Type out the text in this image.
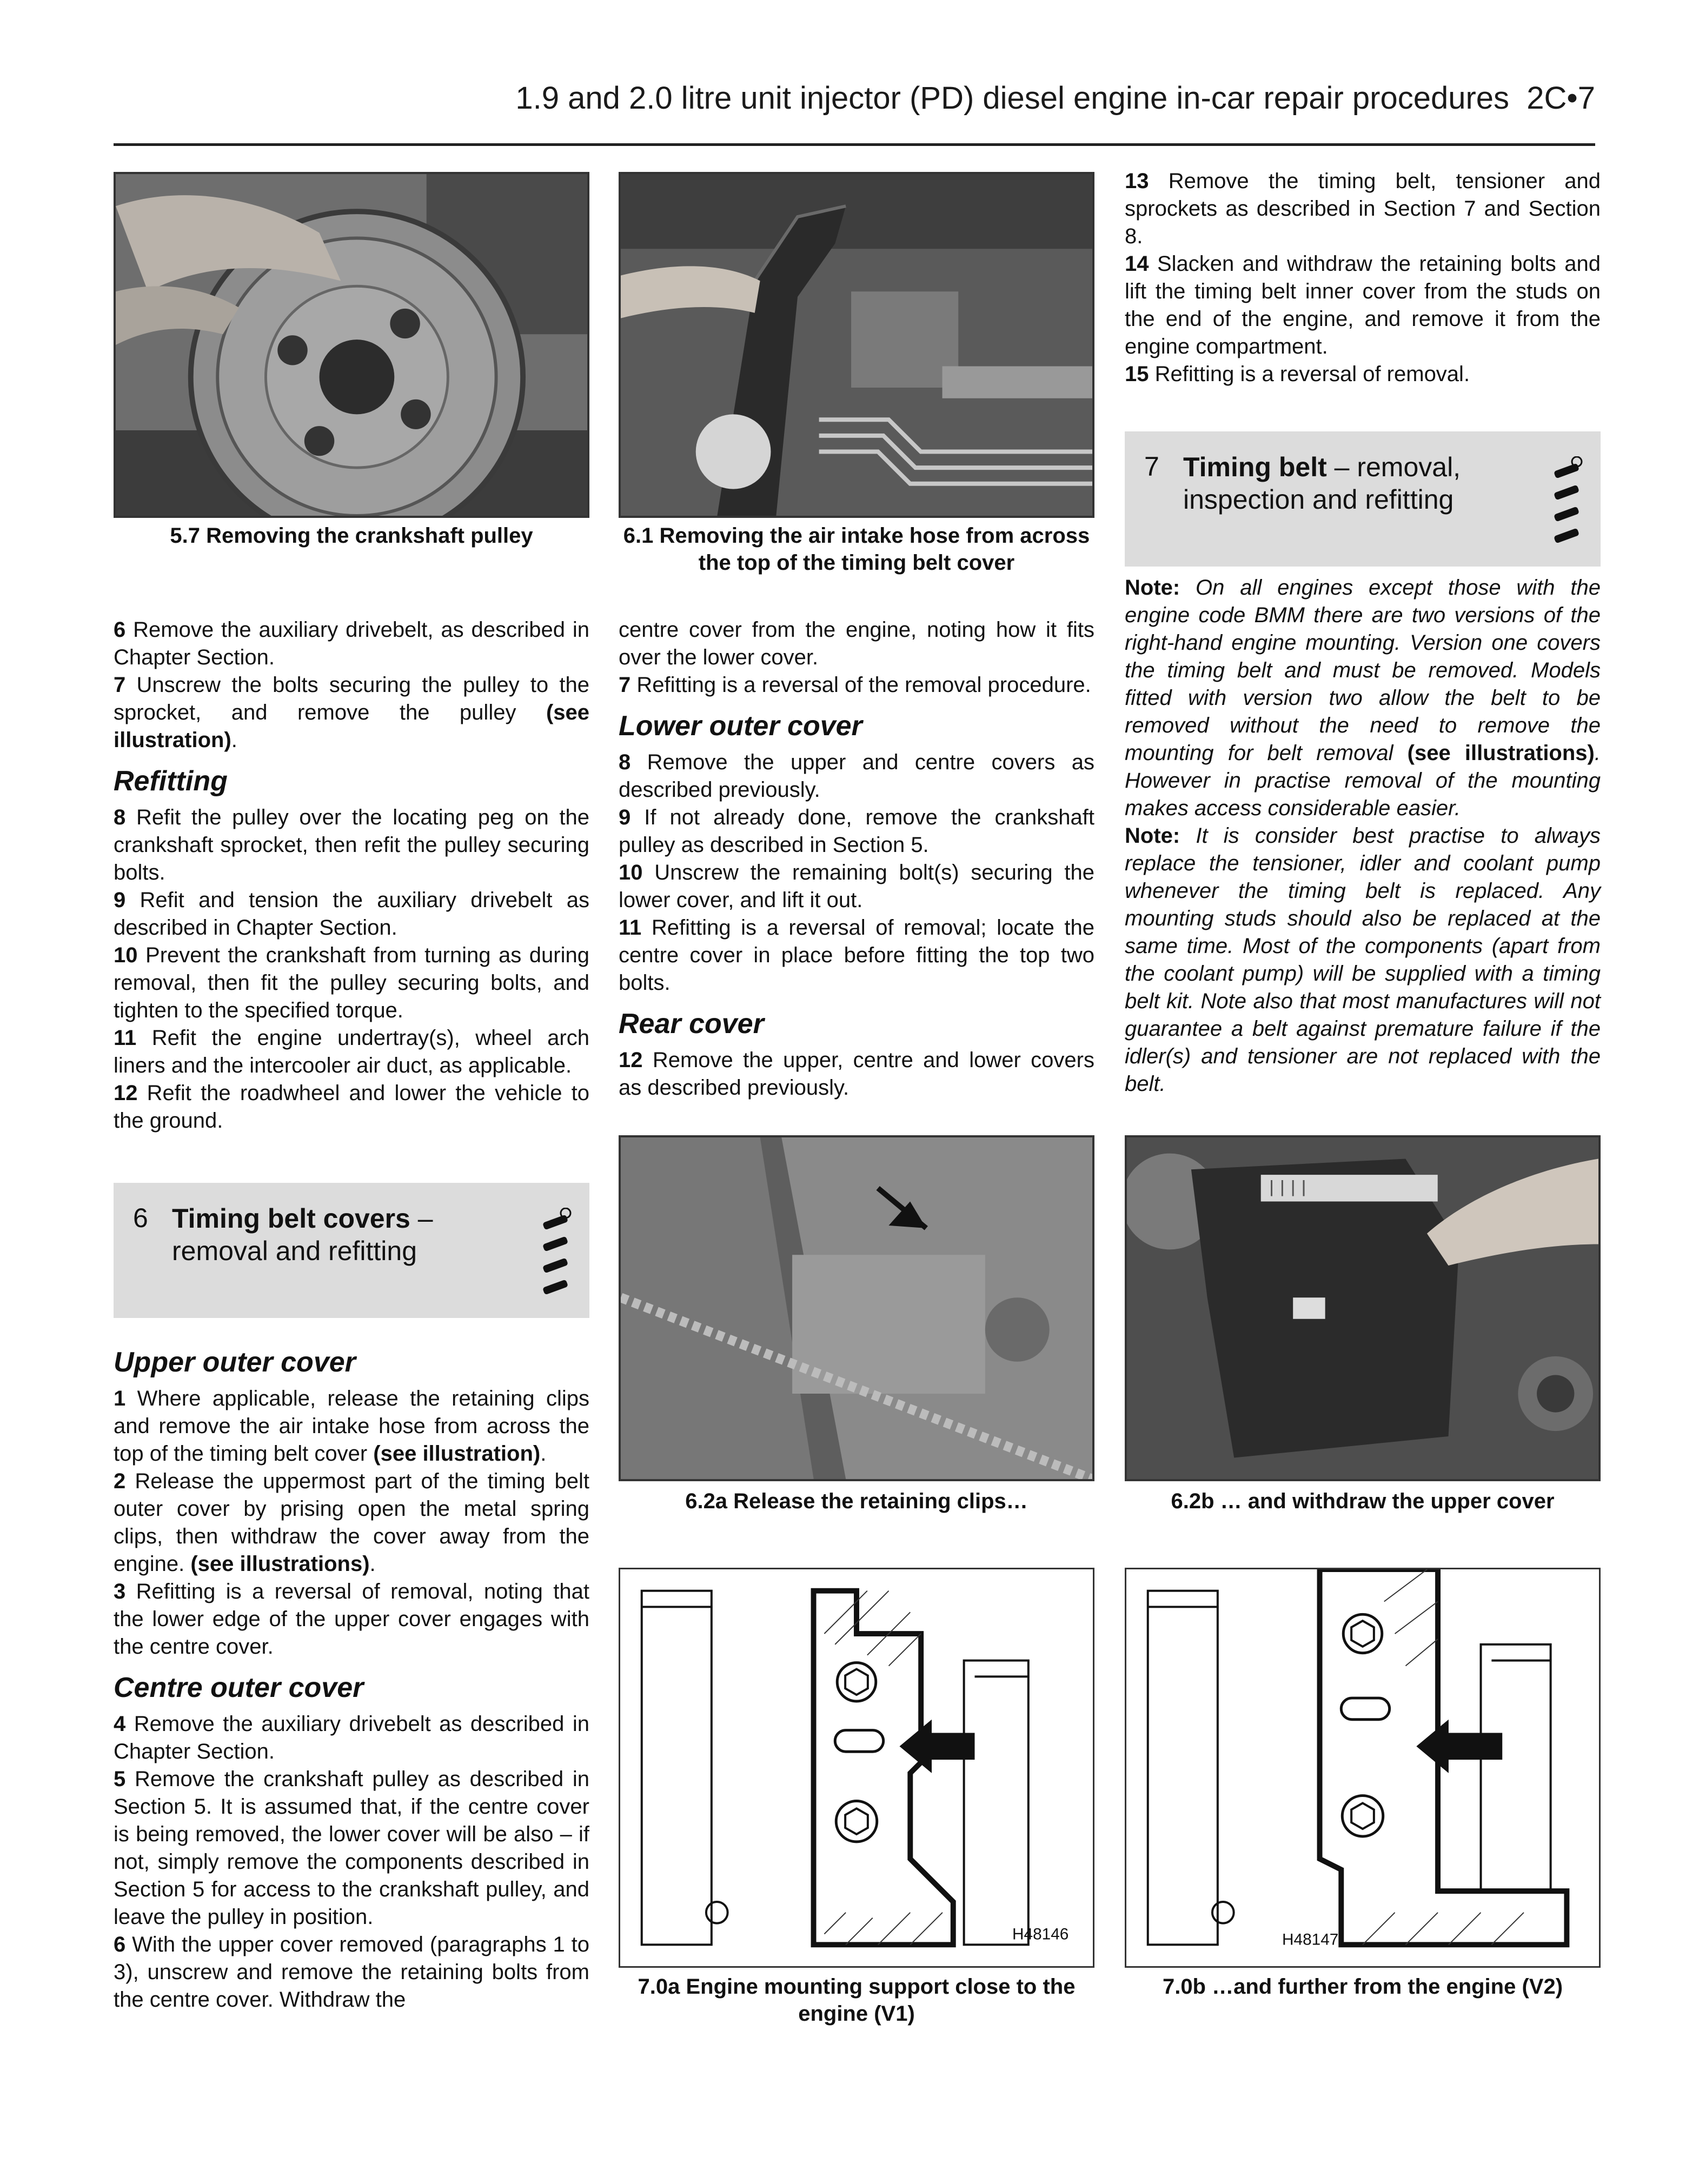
1.9 and 2.0 litre unit injector (PD) diesel engine in-car repair procedures 2C•7
5.7 Removing the crankshaft pulley

6 Remove the auxiliary drivebelt, as described in Chapter Section.

7 Unscrew the bolts securing the pulley to the sprocket, and remove the pulley (see illustration).

Refitting

8 Refit the pulley over the locating peg on the crankshaft sprocket, then refit the pulley securing bolts.

9 Refit and tension the auxiliary drivebelt as described in Chapter Section.

10 Prevent the crankshaft from turning as during removal, then fit the pulley securing bolts, and tighten to the specified torque.

11 Refit the engine undertray(s), wheel arch liners and the intercooler air duct, as applicable.

12 Refit the roadwheel and lower the vehicle to the ground.

6 Timing belt covers – removal and refitting
Upper outer cover

1 Where applicable, release the retaining clips and remove the air intake hose from across the top of the timing belt cover (see illustration).

2 Release the uppermost part of the timing belt outer cover by prising open the metal spring clips, then withdraw the cover away from the engine. (see illustrations).

3 Refitting is a reversal of removal, noting that the lower edge of the upper cover engages with the centre cover.

Centre outer cover

4 Remove the auxiliary drivebelt as described in Chapter Section.

5 Remove the crankshaft pulley as described in Section 5. It is assumed that, if the centre cover is being removed, the lower cover will be also – if not, simply remove the components described in Section 5 for access to the crankshaft pulley, and leave the pulley in position.

6 With the upper cover removed (paragraphs 1 to 3), unscrew and remove the retaining bolts from the centre cover. Withdraw the

6.1 Removing the air intake hose from across the top of the timing belt cover

centre cover from the engine, noting how it fits over the lower cover.

7 Refitting is a reversal of the removal procedure.

Lower outer cover

8 Remove the upper and centre covers as described previously.

9 If not already done, remove the crankshaft pulley as described in Section 5.

10 Unscrew the remaining bolt(s) securing the lower cover, and lift it out.

11 Refitting is a reversal of removal; locate the centre cover in place before fitting the top two bolts.

Rear cover

12 Remove the upper, centre and lower covers as described previously.

6.2a Release the retaining clips…
H48146
7.0a Engine mounting support close to the engine (V1)

13 Remove the timing belt, tensioner and sprockets as described in Section 7 and Section 8.

14 Slacken and withdraw the retaining bolts and lift the timing belt inner cover from the studs on the end of the engine, and remove it from the engine compartment.

15 Refitting is a reversal of removal.

7 Timing belt – removal, inspection and refitting

Note: On all engines except those with the engine code BMM there are two versions of the right-hand engine mounting. Version one covers the timing belt and must be removed. Models fitted with version two allow the belt to be removed without the need to remove the mounting for belt removal (see illustrations). However in practise removal of the mounting makes access considerable easier.

Note: It is consider best practise to always replace the tensioner, idler and coolant pump whenever the timing belt is replaced. Any mounting studs should also be replaced at the same time. Most of the components (apart from the coolant pump) will be supplied with a timing belt kit. Note also that most manufactures will not guarantee a belt against premature failure if the idler(s) and tensioner are not replaced with the belt.

6.2b … and withdraw the upper cover
H48147
7.0b …and further from the engine (V2)
